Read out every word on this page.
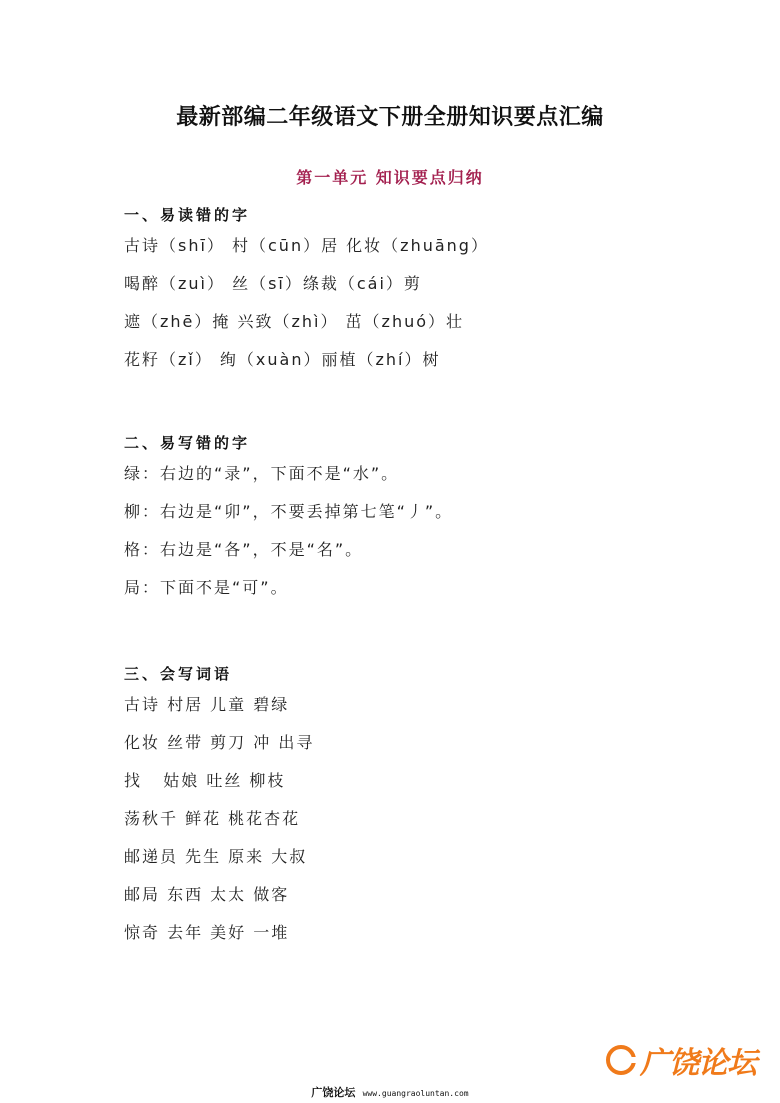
最新部编二年级语文下册全册知识要点汇编
第一单元 知识要点归纳
一、易读错的字
古诗（shī） 村（cūn）居 化妆（zhuāng）
喝醉（zuì） 丝（sī）绦裁（cái）剪
遮（zhē）掩 兴致（zhì） 茁（zhuó）壮
花籽（zǐ） 绚（xuàn）丽植（zhí）树
二、易写错的字
绿：右边的“录”，下面不是“水”。
柳：右边是“卯”，不要丢掉第七笔“丿”。
格：右边是“各”，不是“名”。
局：下面不是“可”。
三、会写词语
古诗 村居 儿童 碧绿
化妆 丝带 剪刀 冲 出寻
找   姑娘 吐丝 柳枝
荡秋千 鲜花 桃花杏花
邮递员 先生 原来 大叔
邮局 东西 太太 做客
惊奇 去年 美好 一堆
广饶论坛
广饶论坛 www.guangraoluntan.com
